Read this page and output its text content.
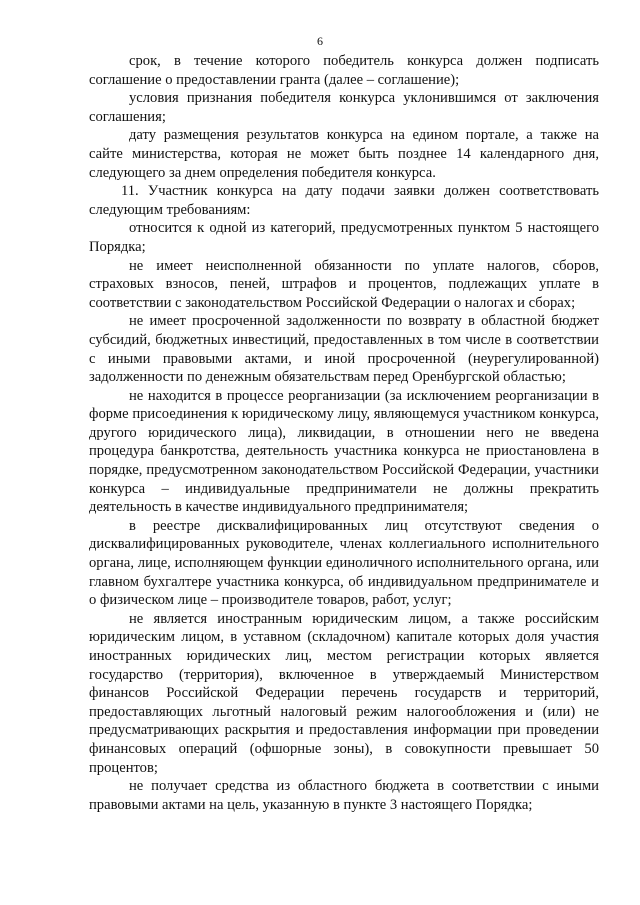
6

срок, в течение которого победитель конкурса должен подписать соглашение о предоставлении гранта (далее – соглашение);

условия признания победителя конкурса уклонившимся от заключения соглашения;

дату размещения результатов конкурса на едином портале, а также на сайте министерства, которая не может быть позднее 14 календарного дня, следующего за днем определения победителя конкурса.

11. Участник конкурса на дату подачи заявки должен соответствовать следующим требованиям:

относится к одной из категорий, предусмотренных пунктом 5 настоящего Порядка;

не имеет неисполненной обязанности по уплате налогов, сборов, страховых взносов, пеней, штрафов и процентов, подлежащих уплате в соответствии с законодательством Российской Федерации о налогах и сборах;

не имеет просроченной задолженности по возврату в областной бюджет субсидий, бюджетных инвестиций, предоставленных в том числе в соответствии с иными правовыми актами, и иной просроченной (неурегулированной) задолженности по денежным обязательствам перед Оренбургской областью;

не находится в процессе реорганизации (за исключением реорганизации в форме присоединения к юридическому лицу, являющемуся участником конкурса, другого юридического лица), ликвидации, в отношении него не введена процедура банкротства, деятельность участника конкурса не приостановлена в порядке, предусмотренном законодательством Российской Федерации, участники конкурса – индивидуальные предприниматели не должны прекратить деятельность в качестве индивидуального предпринимателя;

в реестре дисквалифицированных лиц отсутствуют сведения о дисквалифицированных руководителе, членах коллегиального исполнительного органа, лице, исполняющем функции единоличного исполнительного органа, или главном бухгалтере участника конкурса, об индивидуальном предпринимателе и о физическом лице – производителе товаров, работ, услуг;

не является иностранным юридическим лицом, а также российским юридическим лицом, в уставном (складочном) капитале которых доля участия иностранных юридических лиц, местом регистрации которых является государство (территория), включенное в утверждаемый Министерством финансов Российской Федерации перечень государств и территорий, предоставляющих льготный налоговый режим налогообложения и (или) не предусматривающих раскрытия и предоставления информации при проведении финансовых операций (офшорные зоны), в совокупности превышает 50 процентов;

не получает средства из областного бюджета в соответствии с иными правовыми актами на цель, указанную в пункте 3 настоящего Порядка;
